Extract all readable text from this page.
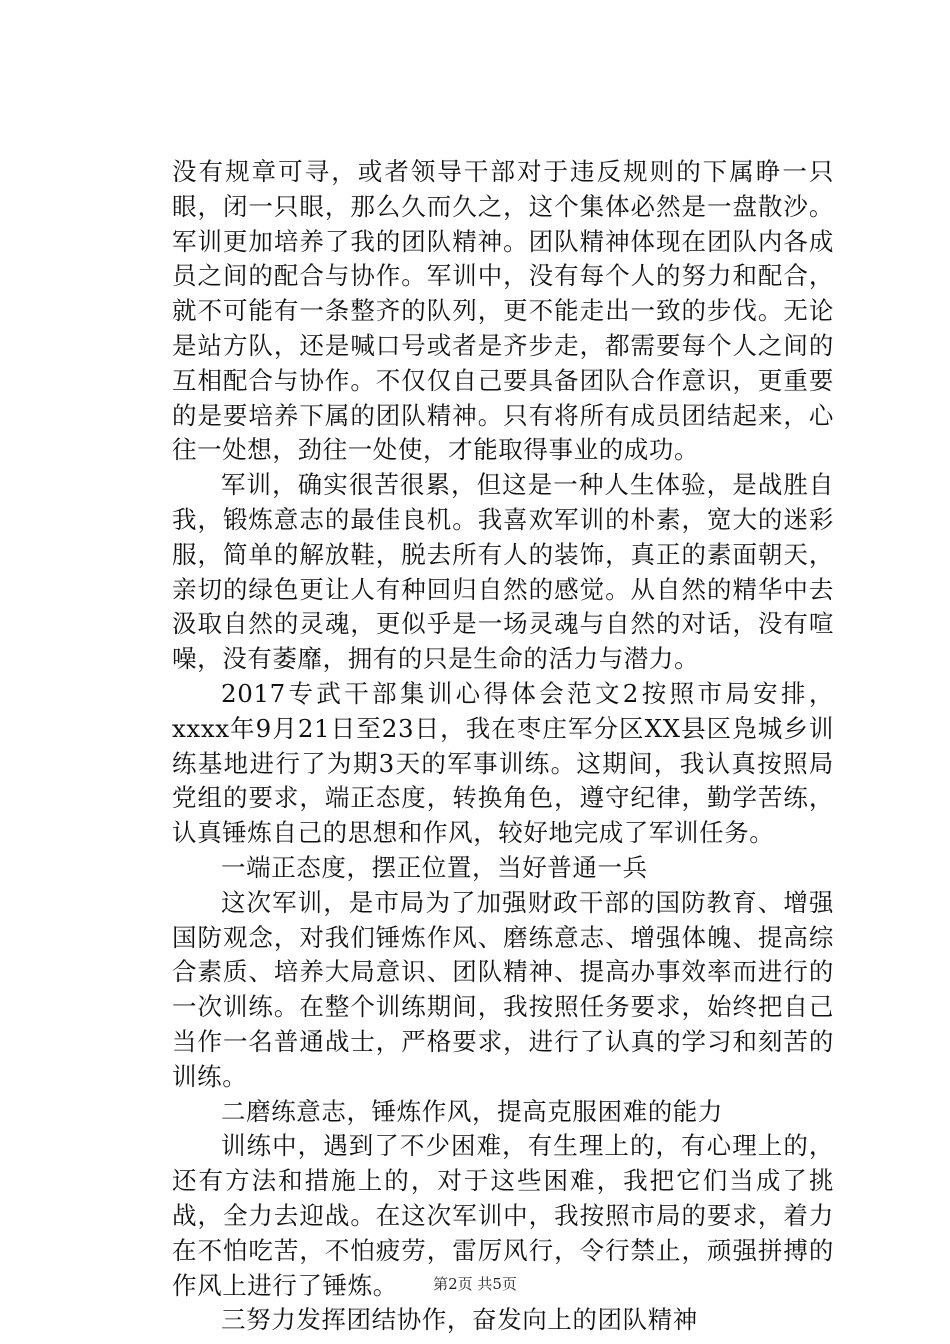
没有规章可寻，或者领导干部对于违反规则的下属睁一只眼，闭一只眼，那么久而久之，这个集体必然是一盘散沙。军训更加培养了我的团队精神。团队精神体现在团队内各成员之间的配合与协作。军训中，没有每个人的努力和配合，就不可能有一条整齐的队列，更不能走出一致的步伐。无论是站方队，还是喊口号或者是齐步走，都需要每个人之间的互相配合与协作。不仅仅自己要具备团队合作意识，更重要的是要培养下属的团队精神。只有将所有成员团结起来，心往一处想，劲往一处使，才能取得事业的成功。

军训，确实很苦很累，但这是一种人生体验，是战胜自我，锻炼意志的最佳良机。我喜欢军训的朴素，宽大的迷彩服，简单的解放鞋，脱去所有人的装饰，真正的素面朝天，亲切的绿色更让人有种回归自然的感觉。从自然的精华中去汲取自然的灵魂，更似乎是一场灵魂与自然的对话，没有喧噪，没有萎靡，拥有的只是生命的活力与潜力。

2017专武干部集训心得体会范文2按照市局安排，xxxx年9月21日至23日，我在枣庄军分区XX县区凫城乡训练基地进行了为期3天的军事训练。这期间，我认真按照局党组的要求，端正态度，转换角色，遵守纪律，勤学苦练，认真锤炼自己的思想和作风，较好地完成了军训任务。

一端正态度，摆正位置，当好普通一兵

这次军训，是市局为了加强财政干部的国防教育、增强国防观念，对我们锤炼作风、磨练意志、增强体魄、提高综合素质、培养大局意识、团队精神、提高办事效率而进行的一次训练。在整个训练期间，我按照任务要求，始终把自己当作一名普通战士，严格要求，进行了认真的学习和刻苦的训练。

二磨练意志，锤炼作风，提高克服困难的能力

训练中，遇到了不少困难，有生理上的，有心理上的，还有方法和措施上的，对于这些困难，我把它们当成了挑战，全力去迎战。在这次军训中，我按照市局的要求，着力在不怕吃苦，不怕疲劳，雷厉风行，令行禁止，顽强拼搏的作风上进行了锤炼。

三努力发挥团结协作，奋发向上的团队精神

第2页 共5页
